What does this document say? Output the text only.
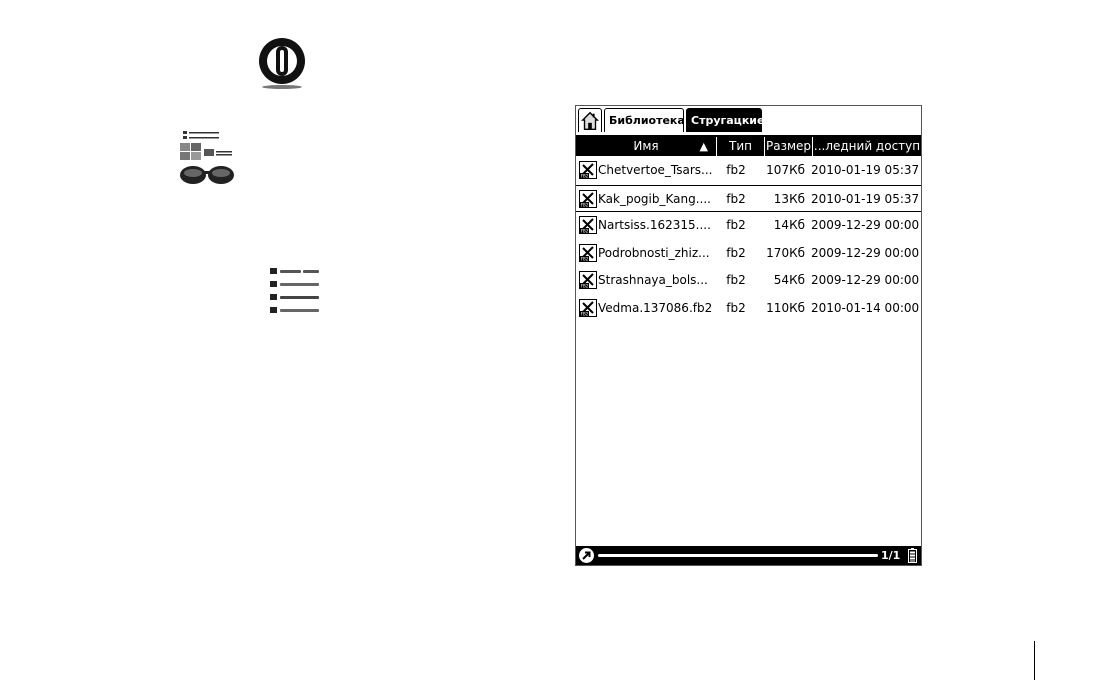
Библиотека Стругацкие
Имя	▲	Тип	Размер ...ледний доступ
FB2 Chetvertoe_Tsars...	fb2	107Кб 2010-01-19 05:37
FB2 Kak_pogib_Kang....	fb2	13Кб 2010-01-19 05:37
FB2 Nartsiss.162315....	fb2	14Кб 2009-12-29 00:00
FB2 Podrobnosti_zhiz...	fb2	170Кб 2009-12-29 00:00
FB2 Strashnaya_bols...	fb2	54Кб 2009-12-29 00:00
FB2 Vedma.137086.fb2	fb2	110Кб 2010-01-14 00:00
1/1
